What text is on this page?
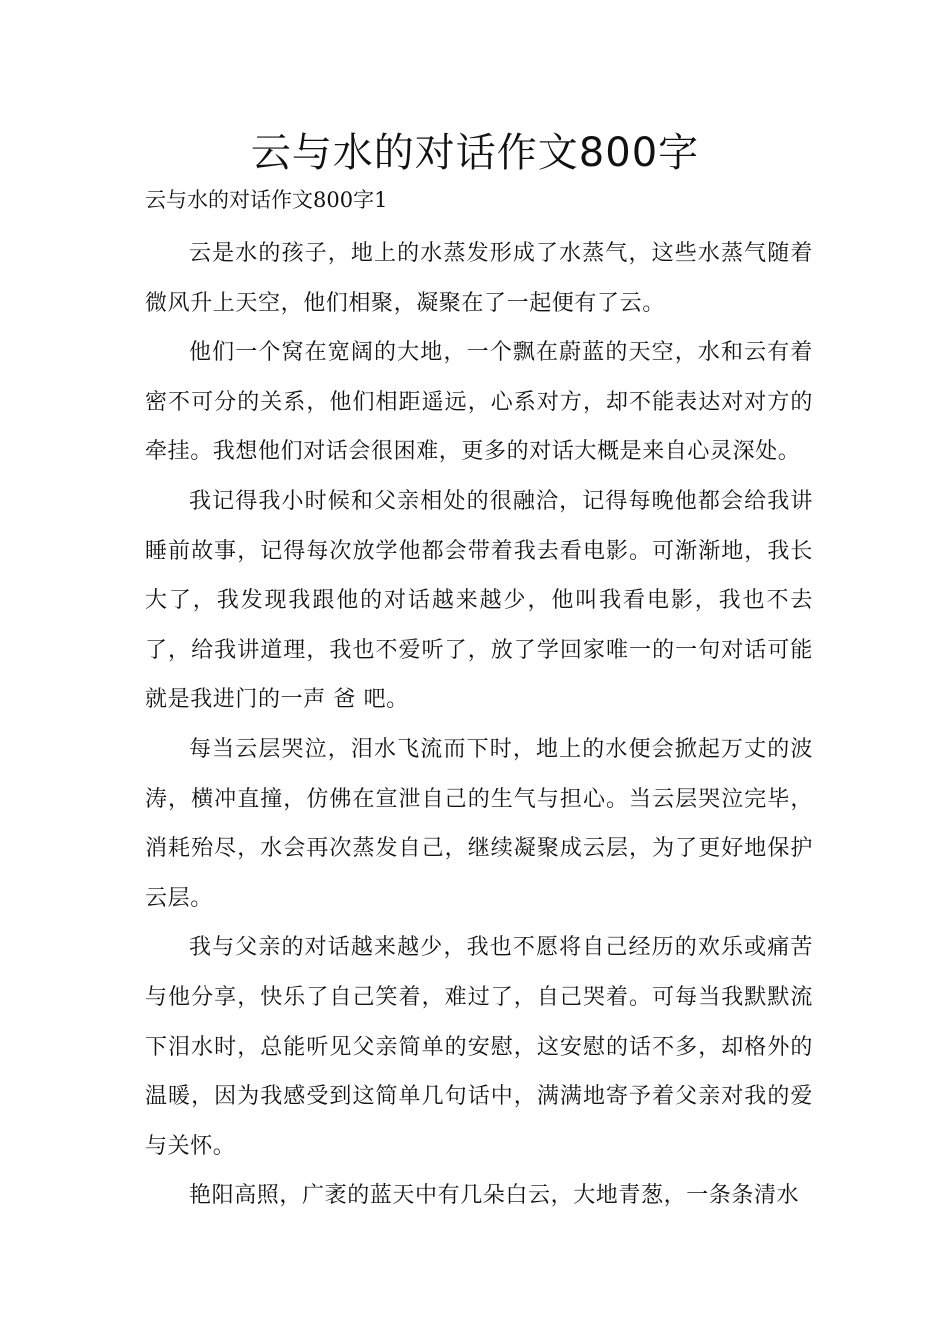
云与水的对话作文800字

云与水的对话作文800字1

云是水的孩子，地上的水蒸发形成了水蒸气，这些水蒸气随着微风升上天空，他们相聚，凝聚在了一起便有了云。

他们一个窝在宽阔的大地，一个飘在蔚蓝的天空，水和云有着密不可分的关系，他们相距遥远，心系对方，却不能表达对对方的牵挂。我想他们对话会很困难，更多的对话大概是来自心灵深处。

我记得我小时候和父亲相处的很融洽，记得每晚他都会给我讲睡前故事，记得每次放学他都会带着我去看电影。可渐渐地，我长大了，我发现我跟他的对话越来越少，他叫我看电影，我也不去了，给我讲道理，我也不爱听了，放了学回家唯一的一句对话可能就是我进门的一声 爸 吧。

每当云层哭泣，泪水飞流而下时，地上的水便会掀起万丈的波涛，横冲直撞，仿佛在宣泄自己的生气与担心。当云层哭泣完毕，消耗殆尽，水会再次蒸发自己，继续凝聚成云层，为了更好地保护云层。

我与父亲的对话越来越少，我也不愿将自己经历的欢乐或痛苦与他分享，快乐了自己笑着，难过了，自己哭着。可每当我默默流下泪水时，总能听见父亲简单的安慰，这安慰的话不多，却格外的温暖，因为我感受到这简单几句话中，满满地寄予着父亲对我的爱与关怀。

艳阳高照，广袤的蓝天中有几朵白云，大地青葱，一条条清水
